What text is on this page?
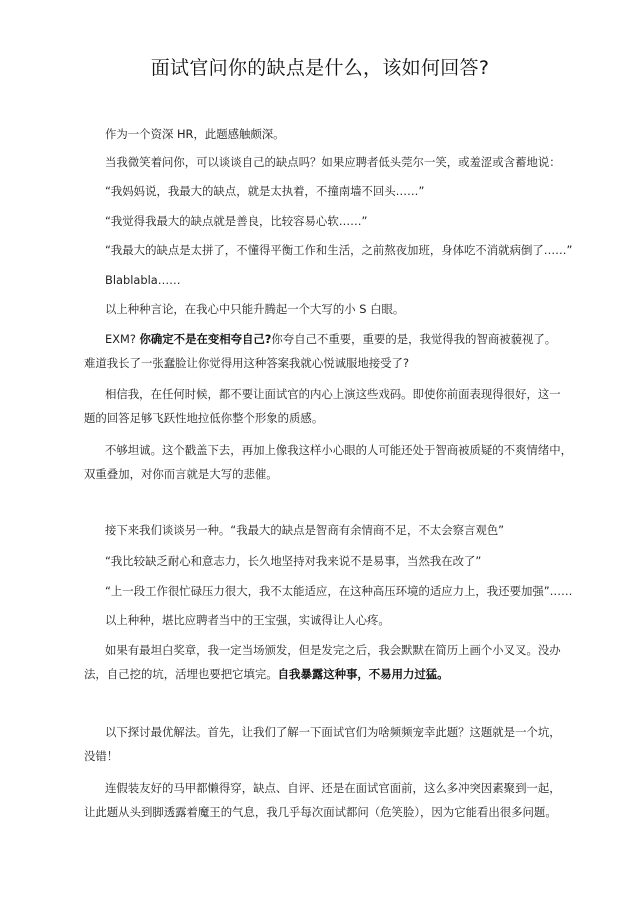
面试官问你的缺点是什么，该如何回答?

作为一个资深 HR，此题感触颇深。

当我微笑着问你，可以谈谈自己的缺点吗？如果应聘者低头莞尔一笑，或羞涩或含蓄地说：

“我妈妈说，我最大的缺点，就是太执着，不撞南墙不回头……”

“我觉得我最大的缺点就是善良，比较容易心软……”

“我最大的缺点是太拼了，不懂得平衡工作和生活，之前熬夜加班，身体吃不消就病倒了……”

Blablabla……

以上种种言论，在我心中只能升腾起一个大写的小 S 白眼。

EXM? 你确定不是在变相夸自己?你夸自己不重要，重要的是，我觉得我的智商被藐视了。
难道我长了一张蠢脸让你觉得用这种答案我就心悦诚服地接受了?

相信我，在任何时候，都不要让面试官的内心上演这些戏码。即使你前面表现得很好，这一
题的回答足够飞跃性地拉低你整个形象的质感。

不够坦诚。这个戳盖下去，再加上像我这样小心眼的人可能还处于智商被质疑的不爽情绪中，
双重叠加，对你而言就是大写的悲催。

接下来我们谈谈另一种。“我最大的缺点是智商有余情商不足，不太会察言观色”

“我比较缺乏耐心和意志力，长久地坚持对我来说不是易事，当然我在改了”

“上一段工作很忙碌压力很大，我不太能适应，在这种高压环境的适应力上，我还要加强”……

以上种种，堪比应聘者当中的王宝强，实诚得让人心疼。

如果有最坦白奖章，我一定当场颁发，但是发完之后，我会默默在简历上画个小叉叉。没办
法，自己挖的坑，活埋也要把它填完。自我暴露这种事，不易用力过猛。

以下探讨最优解法。首先，让我们了解一下面试官们为啥频频宠幸此题？这题就是一个坑，
没错！

连假装友好的马甲都懒得穿，缺点、自评、还是在面试官面前，这么多冲突因素聚到一起，
让此题从头到脚透露着魔王的气息，我几乎每次面试都问（危笑脸），因为它能看出很多问题。
